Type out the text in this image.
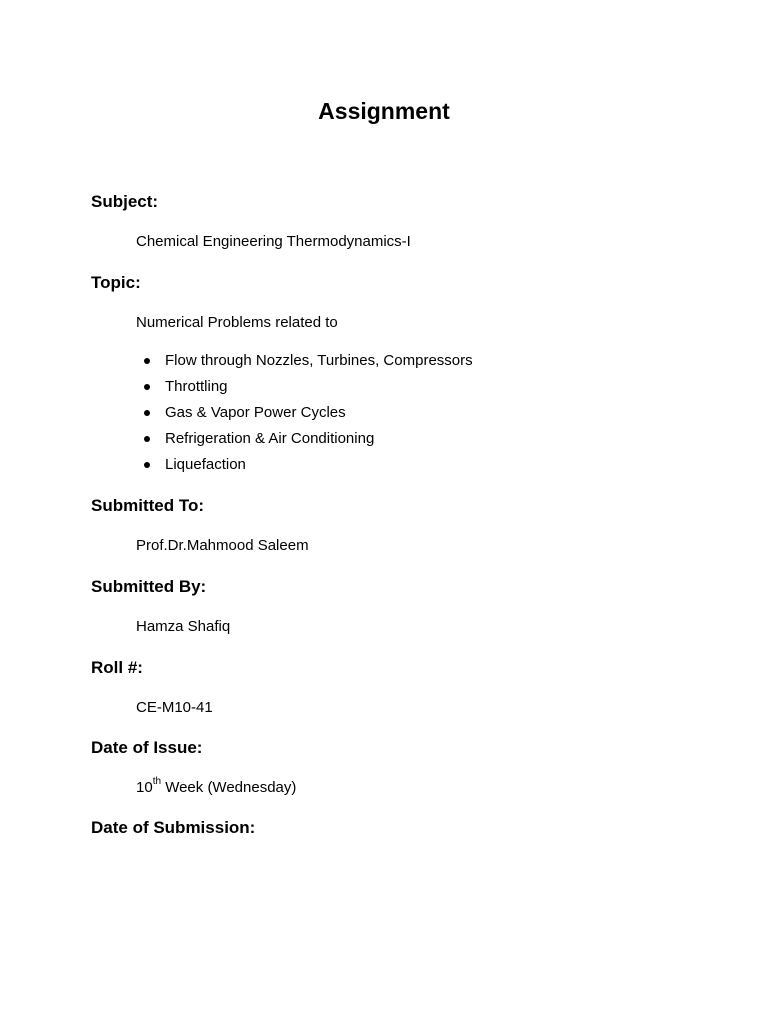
Assignment
Subject:
Chemical Engineering Thermodynamics-I
Topic:
Numerical Problems related to
Flow through Nozzles, Turbines, Compressors
Throttling
Gas & Vapor Power Cycles
Refrigeration & Air Conditioning
Liquefaction
Submitted To:
Prof.Dr.Mahmood Saleem
Submitted By:
Hamza Shafiq
Roll #:
CE-M10-41
Date of Issue:
10th Week (Wednesday)
Date of Submission:
